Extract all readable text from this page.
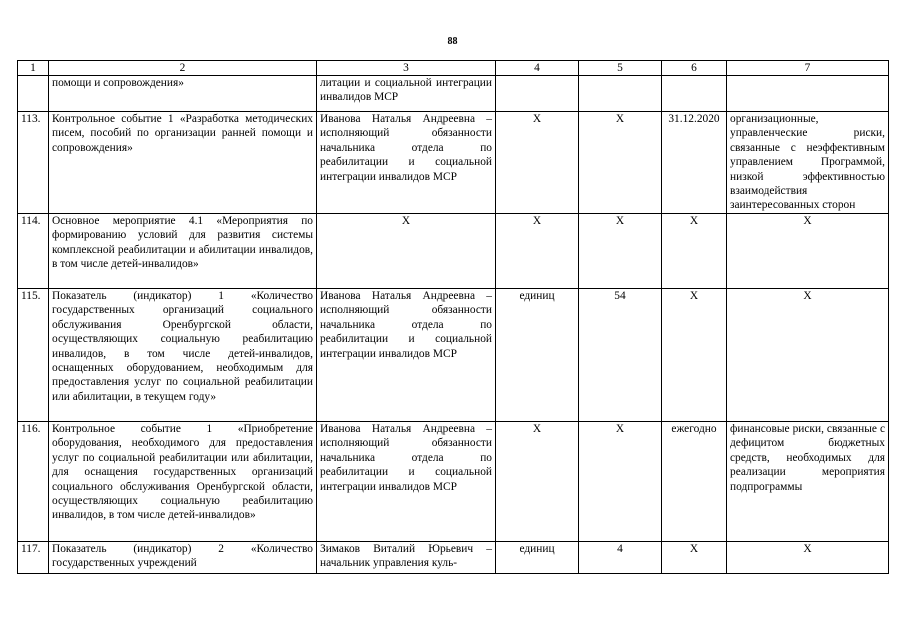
88
1	2	3	4	5	6	7
	помощи и сопровождения»	литации и социальной интеграции инвалидов МСР				
113.	Контрольное событие 1 «Разработка методических писем, пособий по организации ранней помощи и сопровождения»	Иванова Наталья Андреевна – исполняющий обязанности начальника отдела по реабилитации и социальной интеграции инвалидов МСР	Х	Х	31.12.2020	организационные, управленческие риски, связанные с неэффективным управлением Программой, низкой эффективностью взаимодействия заинтересованных сторон
114.	Основное мероприятие 4.1 «Мероприятия по формированию условий для развития системы комплексной реабилитации и абилитации инвалидов, в том числе детей-инвалидов»	Х	Х	Х	Х	Х
115.	Показатель (индикатор) 1 «Количество государственных организаций социального обслуживания Оренбургской области, осуществляющих социальную реабилитацию инвалидов, в том числе детей-инвалидов, оснащенных оборудованием, необходимым для предоставления услуг по социальной реабилитации или абилитации, в текущем году»	Иванова Наталья Андреевна – исполняющий обязанности начальника отдела по реабилитации и социальной интеграции инвалидов МСР	единиц	54	Х	Х
116.	Контрольное событие 1 «Приобретение оборудования, необходимого для предоставления услуг по социальной реабилитации или абилитации, для оснащения государственных организаций социального обслуживания Оренбургской области, осуществляющих социальную реабилитацию инвалидов, в том числе детей-инвалидов»	Иванова Наталья Андреевна – исполняющий обязанности начальника отдела по реабилитации и социальной интеграции инвалидов МСР	Х	Х	ежегодно	финансовые риски, связанные с дефицитом бюджетных средств, необходимых для реализации мероприятия подпрограммы
117.	Показатель (индикатор) 2 «Количество государственных учреждений	Зимаков Виталий Юрьевич – начальник управления куль-	единиц	4	Х	Х
